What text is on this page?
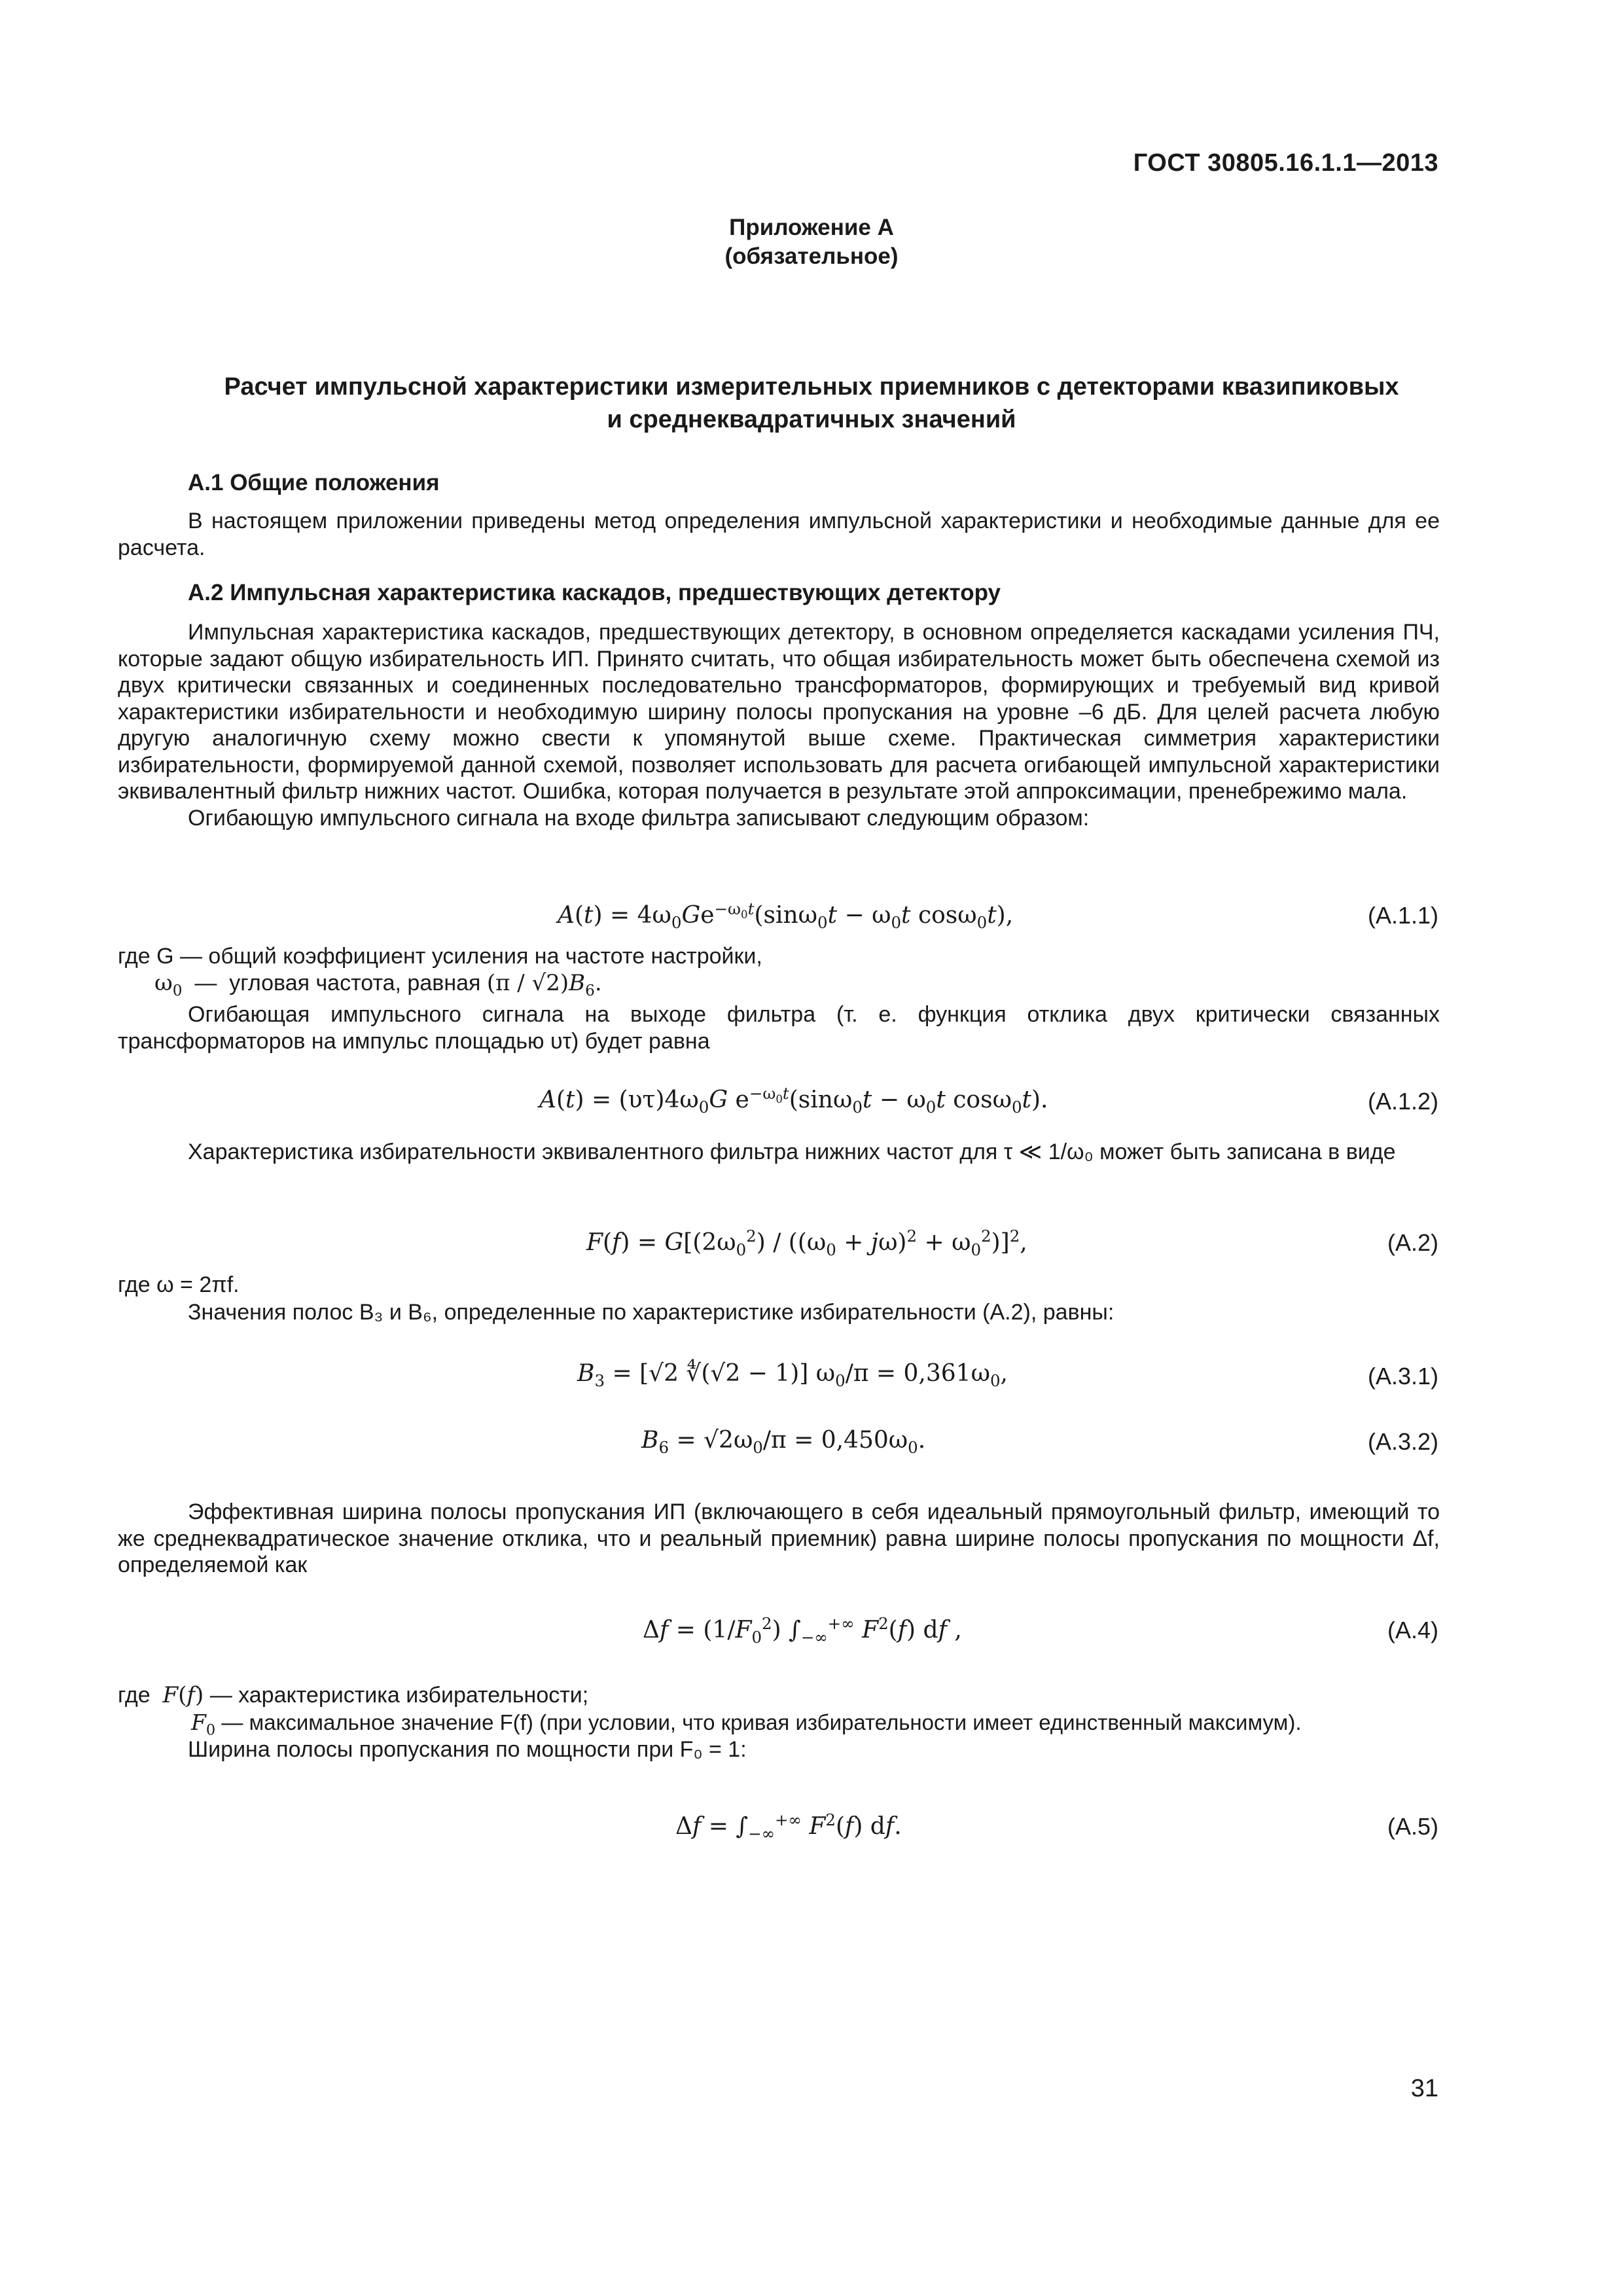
ГОСТ 30805.16.1.1—2013
Приложение А
(обязательное)
Расчет импульсной характеристики измерительных приемников с детекторами квазипиковых
и среднеквадратичных значений
А.1 Общие положения

В настоящем приложении приведены метод определения импульсной характеристики и необходимые данные для ее расчета.

А.2 Импульсная характеристика каскадов, предшествующих детектору

Импульсная характеристика каскадов, предшествующих детектору, в основном определяется каскадами усиления ПЧ, которые задают общую избирательность ИП. Принято считать, что общая избирательность может быть обеспечена схемой из двух критически связанных и соединенных последовательно трансформаторов, формирующих и требуемый вид кривой характеристики избирательности и необходимую ширину полосы пропускания на уровне –6 дБ. Для целей расчета любую другую аналогичную схему можно свести к упомянутой выше схеме. Практическая симметрия характеристики избирательности, формируемой данной схемой, позволяет использовать для расчета огибающей импульсной характеристики эквивалентный фильтр нижних частот. Ошибка, которая получается в результате этой аппроксимации, пренебрежимо мала.

Огибающую импульсного сигнала на входе фильтра записывают следующим образом:

$A(t) = 4\omega_0Ge^{-\omega_0t}(\sin\omega_0t - \omega_0t$ cosω$_0$t),	(А.1.1)
где G — общий коэффициент усиления на частоте настройки,
$\omega_0$  —  угловая частота, равная $(\pi / √2)B_6$.

Огибающая импульсного сигнала на выходе фильтра (т. е. функция отклика двух критически связанных трансформаторов на импульс площадью υτ) будет равна

$A(t) = (\upsilon\tau)4\omega_0G$ $e^{-\omega_0t}(\sin\omega_0t - \omega_0t$ cosω$_0$t).	(А.1.2)

Характеристика избирательности эквивалентного фильтра нижних частот для τ ≪ 1/ω₀ может быть записана в виде

$F(f) = G[(2\omega_0^2) / ((\omega_0 + j\omega)^2 + \omega_0^2)]^2$,	(А.2)
где ω = 2πf.
Значения полос B₃ и B₆, определенные по характеристике избирательности (А.2), равны:
$B_3 = [√2$ ∜(√2 − 1)] $\omega_0/\pi = 0,361\omega_0$,	(А.3.1)
$B_6 = √2\omega_0/\pi = 0,450\omega_0$.	(А.3.2)

Эффективная ширина полосы пропускания ИП (включающего в себя идеальный прямоугольный фильтр, имеющий то же среднеквадратическое значение отклика, что и реальный приемник) равна ширине полосы пропускания по мощности Δf, определяемой как

$\Delta f = (1/F_0^2)$ $\int_{-\infty}^{+\infty}$ $F^2(f)$ df ,	(А.4)
где  F(f) — характеристика избирательности;
$F_0$ — максимальное значение F(f) (при условии, что кривая избирательности имеет единственный максимум).
Ширина полосы пропускания по мощности при F₀ = 1:
$\Delta f = \int_{-\infty}^{+\infty}$ $F^2(f)$ df.	(А.5)
31
